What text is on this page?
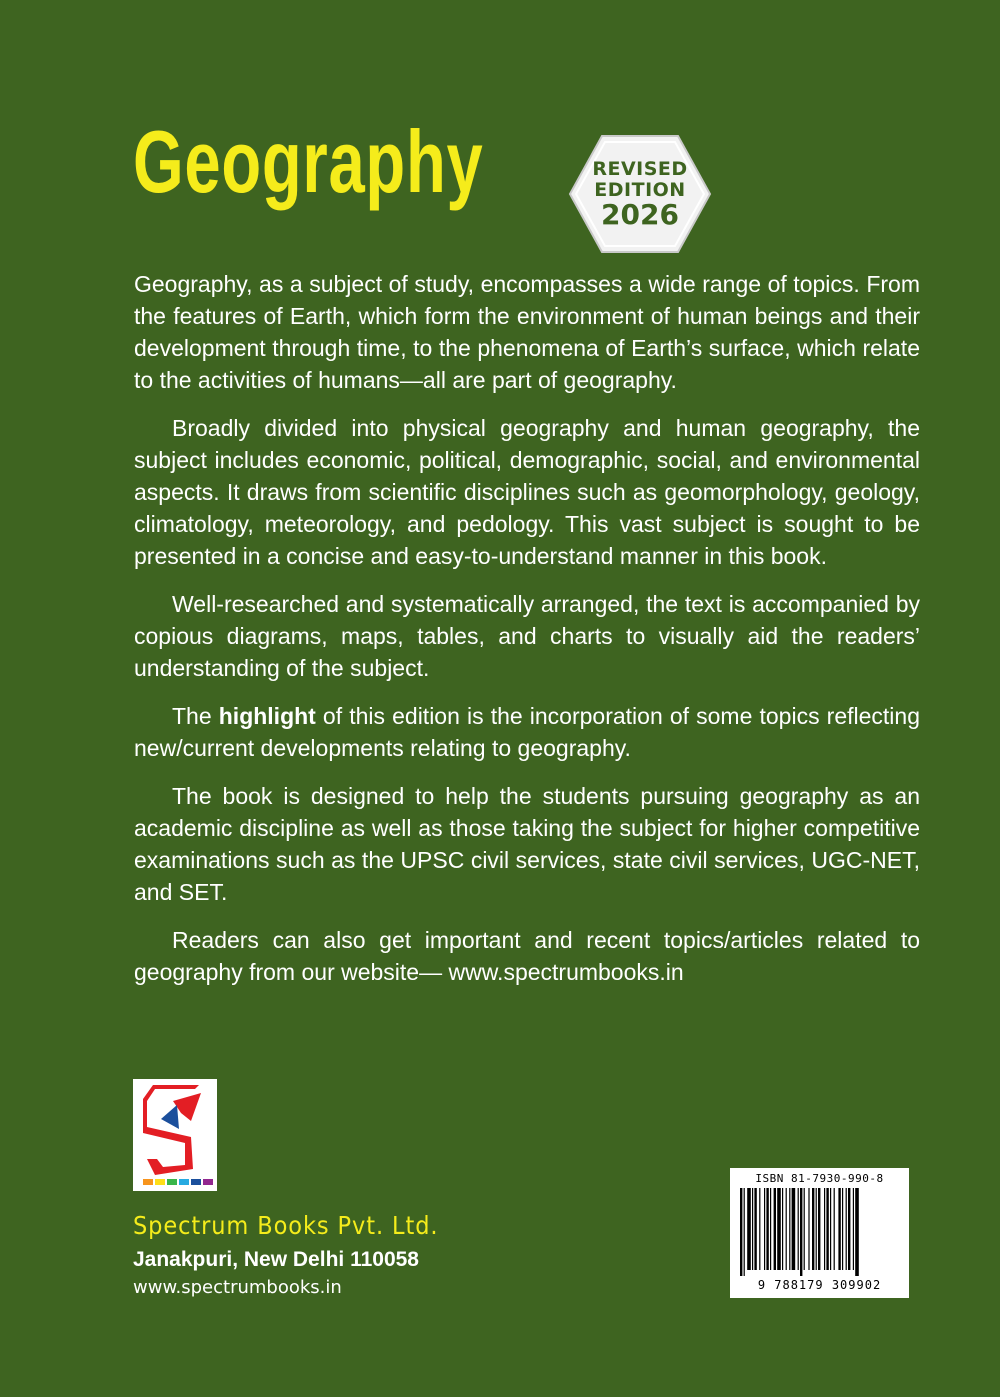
Geography	REVISED
EDITION
2026

Geography, as a subject of study, encompasses a wide range of topics. From the features of Earth, which form the environment of human beings and their development through time, to the phenomena of Earth’s surface, which relate to the activities of humans—all are part of geography.

Broadly divided into physical geography and human geography, the subject includes economic, political, demographic, social, and environmental aspects. It draws from scientific disciplines such as geomorphology, geology, climatology, meteorology, and pedology. This vast subject is sought to be presented in a concise and easy-to-understand manner in this book.

Well-researched and systematically arranged, the text is accompanied by copious diagrams, maps, tables, and charts to visually aid the readers’ understanding of the subject.

The highlight of this edition is the incorporation of some topics reflecting new/current developments relating to geography.

The book is designed to help the students pursuing geography as an academic discipline as well as those taking the subject for higher competitive examinations such as the UPSC civil services, state civil services, UGC-NET, and SET.

Readers can also get important and recent topics/articles related to geography from our website— www.spectrumbooks.in

Spectrum Books Pvt. Ltd.
Janakpuri, New Delhi 110058
www.spectrumbooks.in
ISBN 81-7930-990-8
9 788179 309902
